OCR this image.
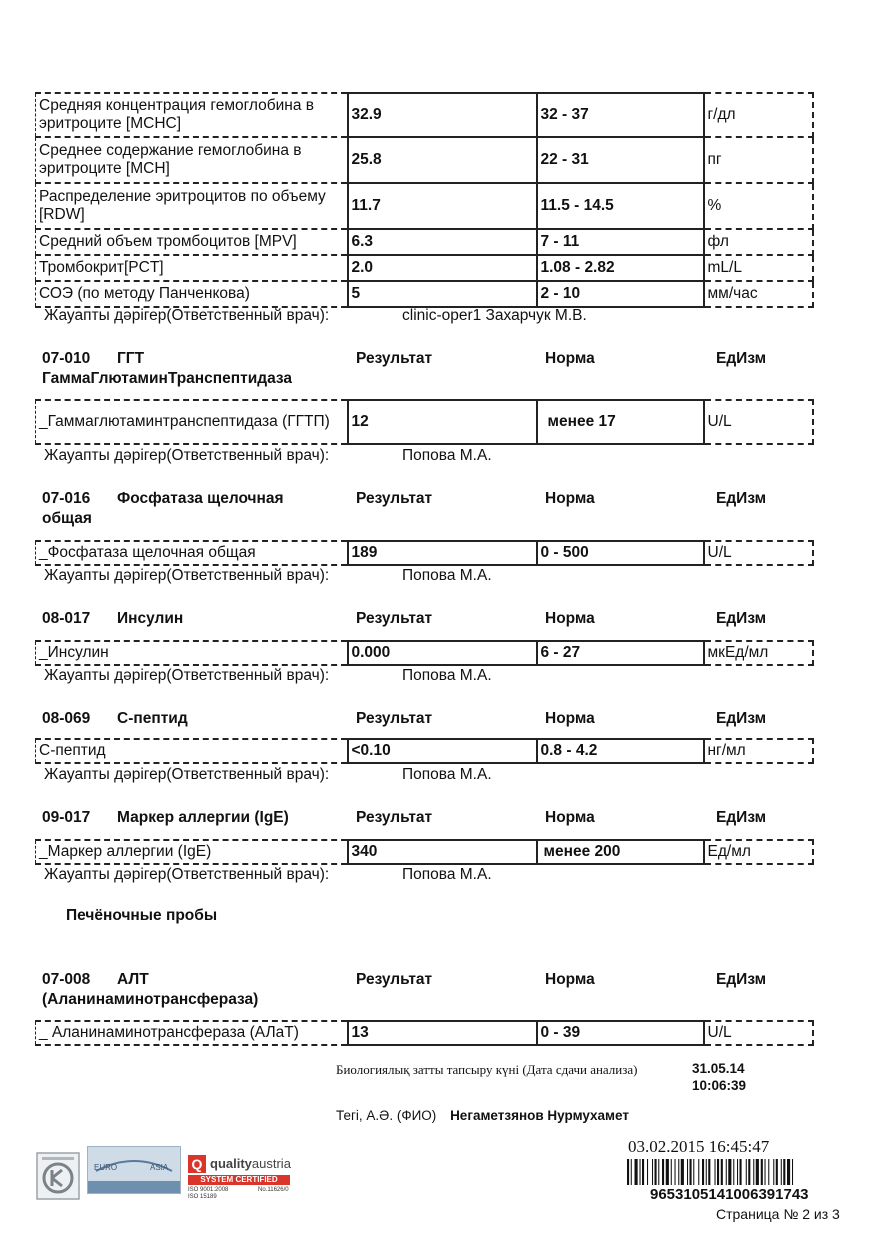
Средняя концентрация гемоглобина в эритроците [MCHC]	32.9	32 - 37	г/дл
Среднее содержание гемоглобина в эритроците [MCH]	25.8	22 - 31	пг
Распределение эритроцитов по объему [RDW]	11.7	11.5 - 14.5	%
Средний объем тромбоцитов [MPV]	6.3	7 - 11	фл
Тромбокрит[PCT]	2.0	1.08 - 2.82	mL/L
СОЭ (по методу Панченкова)	5	2 - 10	мм/час
Жауапты дәрігер(Ответственный врач):	clinic-oper1 Захарчук М.В.
07-010 ГГТ
ГаммаГлютаминТранспептидаза
Результат	Норма	ЕдИзм
_Гаммаглютаминтранспептидаза (ГГТП)	12	менее 17	U/L
Жауапты дәрігер(Ответственный врач):	Попова М.А.
07-016 Фосфатаза щелочная
общая
Результат	Норма	ЕдИзм
_Фосфатаза щелочная общая	189	0 - 500	U/L
Жауапты дәрігер(Ответственный врач):	Попова М.А.
08-017 Инсулин	Результат	Норма	ЕдИзм
_Инсулин	0.000	6 - 27	мкЕд/мл
Жауапты дәрігер(Ответственный врач):	Попова М.А.
08-069 С-пептид	Результат	Норма	ЕдИзм
С-пептид	<0.10	0.8 - 4.2	нг/мл
Жауапты дәрігер(Ответственный врач):	Попова М.А.
09-017 Маркер аллергии (IgE)	Результат	Норма	ЕдИзм
_Маркер аллергии (IgE)	340	менее 200	Ед/мл
Жауапты дәрігер(Ответственный врач):	Попова М.А.
Печёночные пробы
07-008 АЛТ
(Аланинаминотрансфераза)
Результат	Норма	ЕдИзм
_ Аланинаминотрансфераза (АЛаТ)	13	0 - 39	U/L
Биологиялық затты тапсыру күні (Дата сдачи анализа)	31.05.14
10:06:39
Тегі, А.Ә. (ФИО) Негаметзянов Нурмухамет
EURO	ASIA Q qualityaustria
SYSTEM CERTIFIED
ISO 9001:2008	No.11626/0
ISO 15189
03.02.2015 16:45:47
9653105141006391743
Страница № 2 из 3
